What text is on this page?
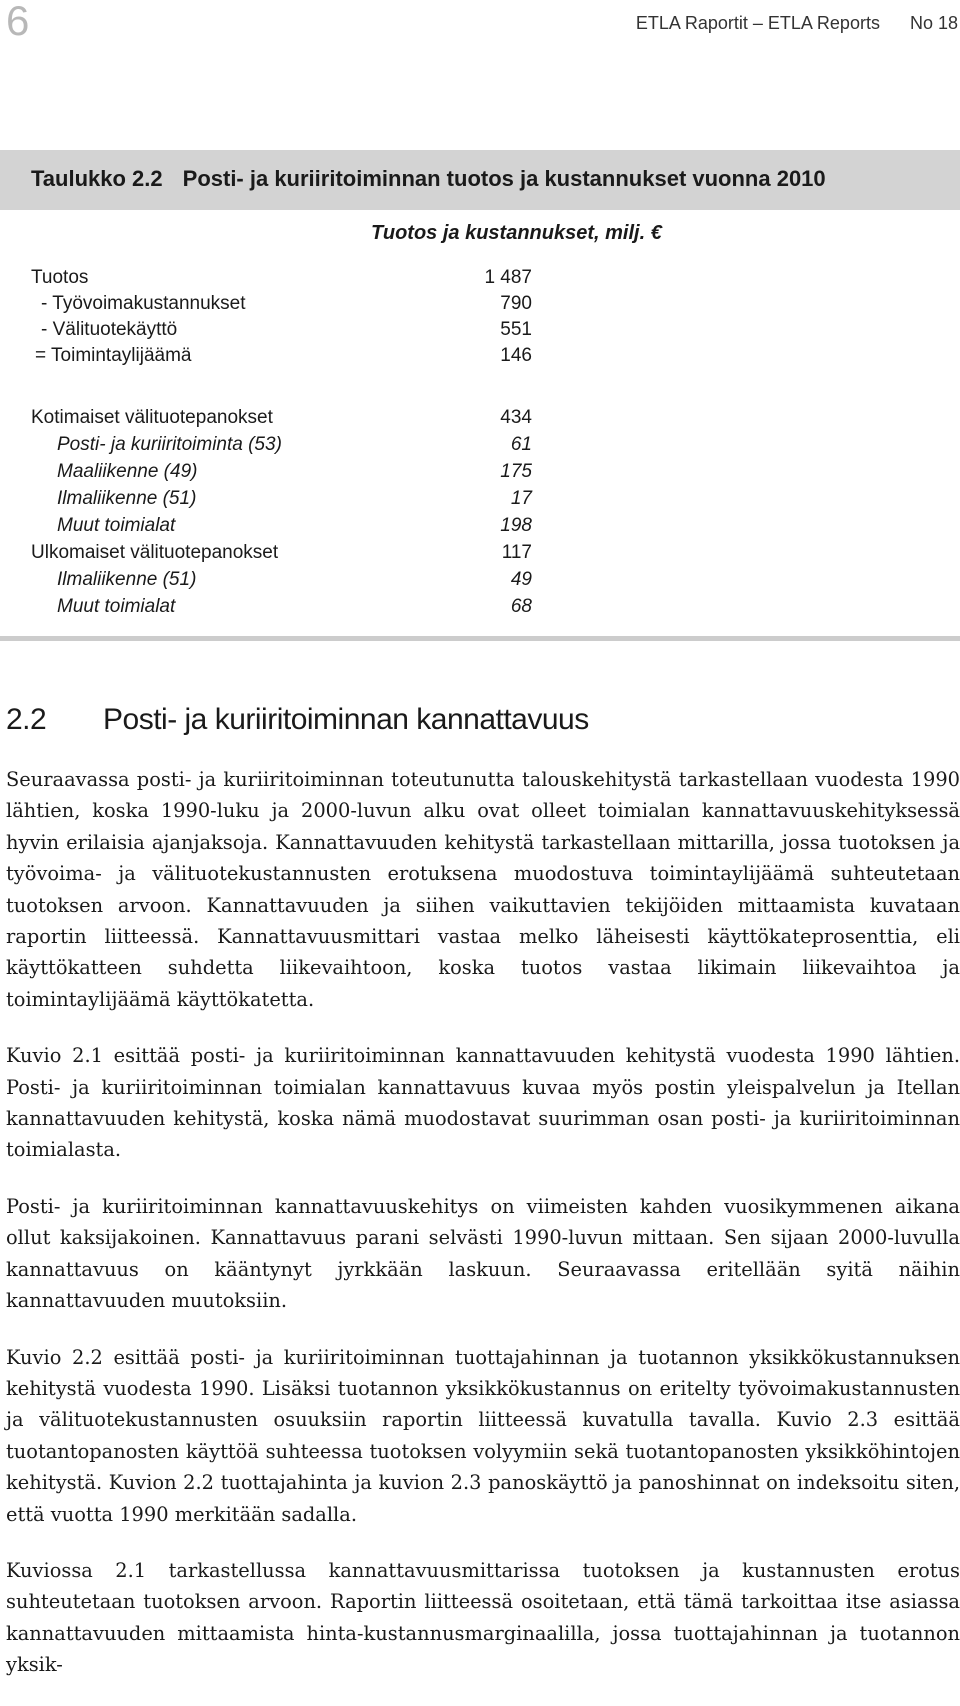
6	ETLA Raportit – ETLA Reports No 18
Taulukko 2.2 Posti- ja kuriiritoiminnan tuotos ja kustannukset vuonna 2010
Tuotos ja kustannukset, milj. €
Tuotos	1 487
- Työvoimakustannukset	790
- Välituotekäyttö	551
= Toimintaylijäämä	146
Kotimaiset välituotepanokset	434
Posti- ja kuriiritoiminta (53)	61
Maaliikenne (49)	175
Ilmaliikenne (51)	17
Muut toimialat	198
Ulkomaiset välituotepanokset	117
Ilmaliikenne (51)	49
Muut toimialat	68
2.2 Posti- ja kuriiritoiminnan kannattavuus

Seuraavassa posti- ja kuriiritoiminnan toteutunutta talouskehitystä tarkastellaan vuodesta 1990 lähtien, koska 1990-luku ja 2000-luvun alku ovat olleet toimialan kannattavuuskehityksessä hyvin erilaisia ajanjaksoja. Kannattavuuden kehitystä tarkastellaan mittarilla, jossa tuotoksen ja työvoima- ja välituotekustannusten erotuksena muodostuva toimintaylijäämä suhteutetaan tuotoksen arvoon. Kannattavuuden ja siihen vaikuttavien tekijöiden mittaamista kuvataan raportin liitteessä. Kannattavuusmittari vastaa melko läheisesti käyttökateprosenttia, eli käyttökatteen suhdetta liikevaihtoon, koska tuotos vastaa likimain liikevaihtoa ja toimintaylijäämä käyttökatetta.

Kuvio 2.1 esittää posti- ja kuriiritoiminnan kannattavuuden kehitystä vuodesta 1990 lähtien. Posti- ja kuriiritoiminnan toimialan kannattavuus kuvaa myös postin yleispalvelun ja Itellan kannattavuuden kehitystä, koska nämä muodostavat suurimman osan posti- ja kuriiritoiminnan toimialasta.

Posti- ja kuriiritoiminnan kannattavuuskehitys on viimeisten kahden vuosikymmenen aikana ollut kaksijakoinen. Kannattavuus parani selvästi 1990-luvun mittaan. Sen sijaan 2000-luvulla kannattavuus on kääntynyt jyrkkään laskuun. Seuraavassa eritellään syitä näihin kannattavuuden muutoksiin.

Kuvio 2.2 esittää posti- ja kuriiritoiminnan tuottajahinnan ja tuotannon yksikkökustannuksen kehitystä vuodesta 1990. Lisäksi tuotannon yksikkökustannus on eritelty työvoimakustannusten ja välituotekustannusten osuuksiin raportin liitteessä kuvatulla tavalla. Kuvio 2.3 esittää tuotantopanosten käyttöä suhteessa tuotoksen volyymiin sekä tuotantopanosten yksikköhintojen kehitystä. Kuvion 2.2 tuottajahinta ja kuvion 2.3 panoskäyttö ja panoshinnat on indeksoitu siten, että vuotta 1990 merkitään sadalla.

Kuviossa 2.1 tarkastellussa kannattavuusmittarissa tuotoksen ja kustannusten erotus suhteutetaan tuotoksen arvoon. Raportin liitteessä osoitetaan, että tämä tarkoittaa itse asiassa kannattavuuden mittaamista hinta-kustannusmarginaalilla, jossa tuottajahinnan ja tuotannon yksik-
